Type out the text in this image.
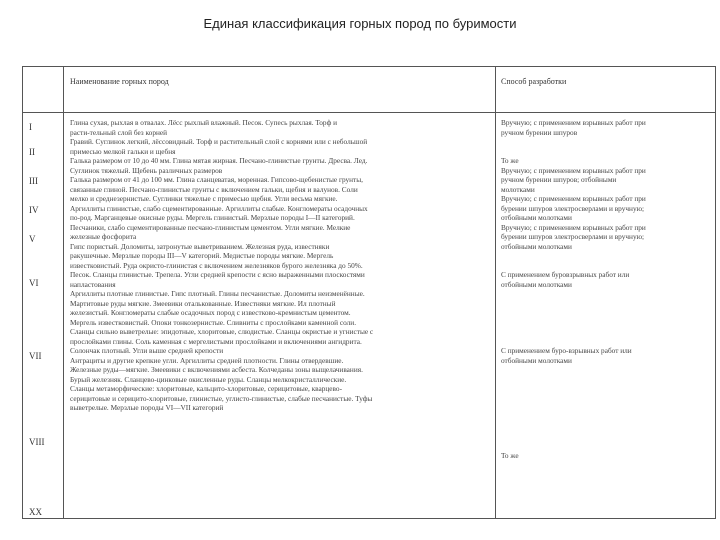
Единая классификация горных пород по буримости
Наименование горных пород	Способ разработки
I
II
III
IV
V
VI
VII
VIII
XX
Глина сухая, рыхлая в отвалах. Лёсс рыхлый влажный. Песок. Супесь рыхлая. Торф и
расти-тельный слой без корней
Гравий. Суглинок легкий, лёссовидный. Торф и растительный слой с корнями или с небольшой
примесью мелкой гальки и щебня
Галька размером от 10 до 40 мм. Глина мятая жирная. Песчано-глинистые грунты. Дресва. Лед.
Суглинок тяжелый. Щебень различных размеров
Галька размером от 41 до 100 мм. Глина сланцеватая, моренная. Гипсово-щебенистые грунты,
связанные глиной. Песчано-глинистые грунты с включением гальки, щебня и валунов. Соли
мелко и среднезернистые. Суглинки тяжелые с примесью щебня. Угли весьма мягкие.
Аргиллиты глинистые, слабо сцементированные. Аргиллиты слабые. Конгломераты осадочных
по-род. Марганцевые окисные руды. Мергель глинистый. Мерзлые породы I—II категорий.
Песчаники, слабо сцементированные песчано-глинистым цементом. Угли мягкие. Мелкие
железные фосфорита
Гипс пористый. Доломиты, затронутые выветриванием. Железная руда, известняки
ракушечные. Мерзлые породы III—V категорий. Медистые породы мягкие. Мергель
известковистый. Руда окристо-глинистая с включением железняков бурого железняка до 50%.
Песок. Сланцы глинистые. Трепела. Угли средней крепости с ясно выраженными плоскостями
напластования
Аргиллиты плотные глинистые. Гипс плотный. Глины песчанистые. Доломиты неизменённые.
Мартитовые руды мягкие. Змеевики оталькованные. Известняки мягкие. Ил плотный
железистый. Конгломераты слабые осадочных пород с известково-кремнистым цементом.
Мергель известковистый. Опоки тонкозернистые. Сливниты с прослойками каменной соли.
Сланцы сильно выветрелые: эпидотные, хлоритовые, слюдистые. Сланцы окристые и угнистые с
прослойками глины. Соль каменная с мергелистыми прослойками и включениями ангидрита.
Солончак плотный. Угли выше средней крепости
Антрациты и другие крепкие угли. Аргиллиты средней плотности. Глины отвердевшие.
Железные руды—мягкие. Змеевики с включениями асбеста. Колчеданы зоны выщелачивания.
Бурый железняк. Сланцево-цинковые окисленные руды. Сланцы мелкокристаллические.
Сланцы метаморфические: хлоритовые, кальцито-хлоритовые, серицитовые, кварцево-
серицитовые и серицито-хлоритовые, глинистые, углисто-глинистые, слабые песчанистые. Туфы
выветрелые. Мерзлые породы VI—VII категорий
Вручную; с применением взрывных работ при
ручном бурении шпуров

То же
Вручную; с применением взрывных работ при
ручном бурении шпуров; отбойными
молотками
Вручную; с применением взрывных работ при
бурении шпуров электросверлами и вручную;
отбойными молотками
Вручную; с применением взрывных работ при
бурении шпуров электросверлами и вручную;
отбойными молотками

С применением буровзрывных работ или
отбойными молотками

С применением буро-взрывных работ или
отбойными молотками

То же
